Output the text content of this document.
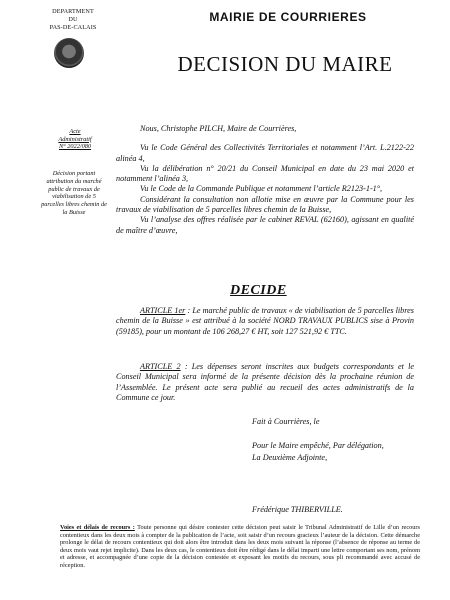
DEPARTMENT
DU
PAS-DE-CALAIS
Acte
Administratif
N° 2022/080
Décision portant attribution du marché public de travaux de viabilisation de 5 parcelles libres chemin de la Buisse
MAIRIE DE COURRIERES
DECISION DU MAIRE
Nous, Christophe PILCH, Maire de Courrières,
Vu le Code Général des Collectivités Territoriales et notamment l’Art. L.2122-22 alinéa 4,
Vu la délibération n° 20/21 du Conseil Municipal en date du 23 mai 2020 et notamment l’alinéa 3,
Vu le Code de la Commande Publique et notamment l’article R2123-1-1°,
Considérant la consultation non allotie mise en œuvre par la Commune pour les travaux de viabilisation de 5 parcelles libres chemin de la Buisse,
Vu l’analyse des offres réalisée par le cabinet REVAL (62160), agissant en qualité de maître d’œuvre,
DECIDE
ARTICLE 1er : Le marché public de travaux « de viabilisation de 5 parcelles libres chemin de la Buisse » est attribué à la société NORD TRAVAUX PUBLICS sise à Provin (59185), pour un montant de 106 268,27 € HT, soit 127 521,92 € TTC.
ARTICLE 2 : Les dépenses seront inscrites aux budgets correspondants et le Conseil Municipal sera informé de la présente décision dès la prochaine réunion de l’Assemblée. Le présent acte sera publié au recueil des actes administratifs de la Commune ce jour.
Fait à Courrières, le
Pour le Maire empêché, Par délégation,
La Deuxième Adjointe,
Frédérique THIBERVILLE.
Voies et délais de recours : Toute personne qui désire contester cette décision peut saisir le Tribunal Administratif de Lille d’un recours contentieux dans les deux mois à compter de la publication de l’acte, soit saisir d’un recours gracieux l’auteur de la décision. Cette démarche prolonge le délai de recours contentieux qui doit alors être introduit dans les deux mois suivant la réponse (l’absence de réponse au terme de deux mois vaut rejet implicite). Dans les deux cas, le contentieux doit être rédigé dans le délai imparti une lettre comportant ses nom, prénom et adresse, et accompagnée d’une copie de la décision contestée et exposant les motifs du recours, sous pli recommandé avec accusé de réception.
